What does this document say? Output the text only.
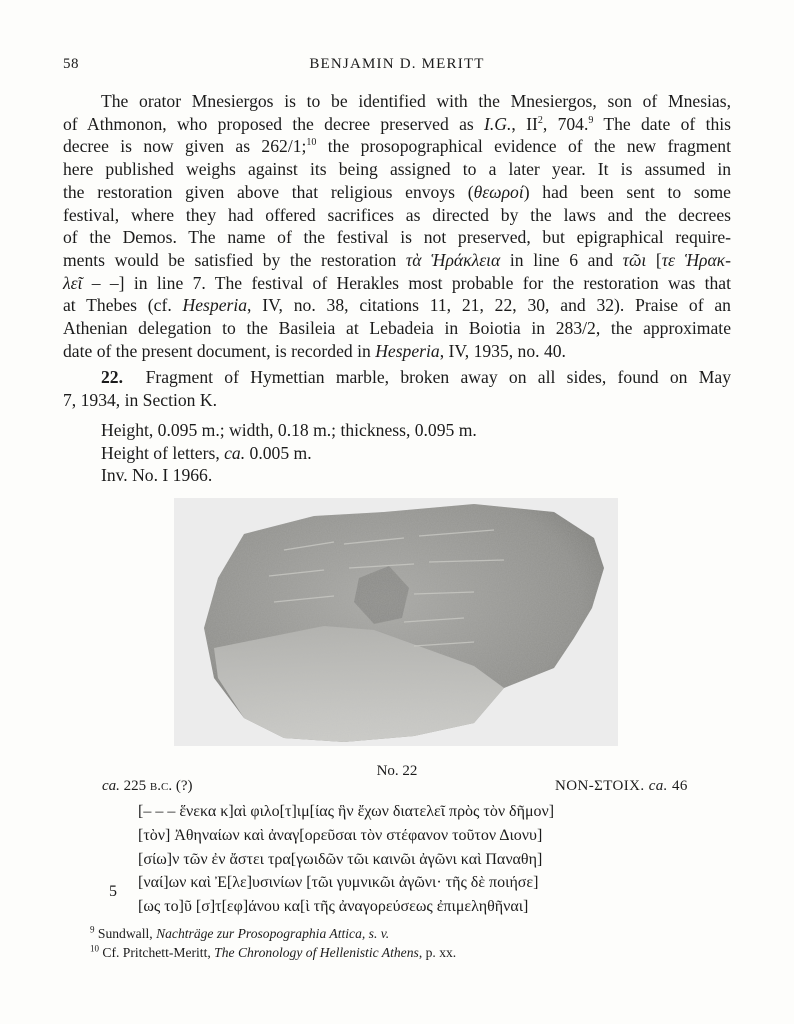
58	BENJAMIN D. MERITT
The orator Mnesiergos is to be identified with the Mnesiergos, son of Mnesias,
of Athmonon, who proposed the decree preserved as I.G., $II^2$, 704.$^9$ The date of this
decree is now given as 262/1;$^{10}$ the prosopographical evidence of the new fragment
here published weighs against its being assigned to a later year. It is assumed in
the restoration given above that religious envoys (θεωροί) had been sent to some
festival, where they had offered sacrifices as directed by the laws and the decrees
of the Demos. The name of the festival is not preserved, but epigraphical require-
ments would be satisfied by the restoration τὰ Ἡράκλεια in line 6 and τῶι [τε Ἡρακ-
λεῖ – –] in line 7. The festival of Herakles most probable for the restoration was that
at Thebes (cf. Hesperia, IV, no. 38, citations 11, 21, 22, 30, and 32). Praise of an
Athenian delegation to the Basileia at Lebadeia in Boiotia in 283/2, the approximate
date of the present document, is recorded in Hesperia, IV, 1935, no. 40.
22. Fragment of Hymettian marble, broken away on all sides, found on May
7, 1934, in Section K.
Height, 0.095 m.; width, 0.18 m.; thickness, 0.095 m.
Height of letters, ca. 0.005 m.
Inv. No. I 1966.
No. 22
ca. 225 b.c. (?)	NON-ΣΤΟΙΧ. ca. 46
[– – – ἕνεκα κ]αὶ φιλο[τ]ιμ[ίας ἣν ἔχων διατελεῖ πρὸς τὸν δῆμον]
[τὸν] Ἀθηναίων καὶ ἀναγ[ορεῦσαι τὸν στέφανον τοῦτον Διονυ]
[σίω]ν τῶν ἐν ἄστει τρα[γωιδῶν τῶι καινῶι ἀγῶνι καὶ Παναθη]
[ναί]ων καὶ Ἐ[λε]υσινίων [τῶι γυμνικῶι ἀγῶνι· τῆς δὲ ποιήσε]
[ως το]ῦ [σ]τ[εφ]άνου κα[ὶ τῆς ἀναγορεύσεως ἐπιμεληθῆναι]
5
$^9$ Sundwall, Nachträge zur Prosopographia Attica, s. v.
$^{10}$ Cf. Pritchett-Meritt, The Chronology of Hellenistic Athens, p. xx.
